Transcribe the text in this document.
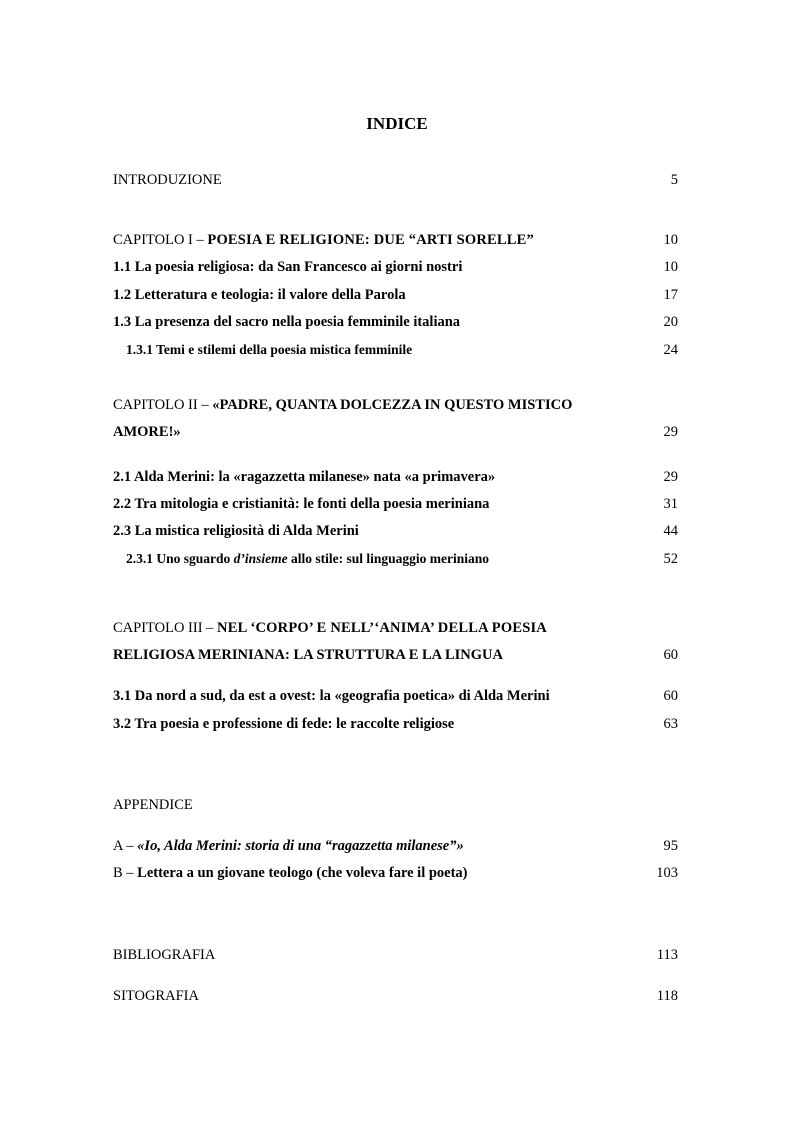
INDICE
INTRODUZIONE	5
CAPITOLO I – POESIA E RELIGIONE: DUE “ARTI SORELLE”	10
1.1 La poesia religiosa: da San Francesco ai giorni nostri	10
1.2 Letteratura e teologia: il valore della Parola	17
1.3 La presenza del sacro nella poesia femminile italiana	20
1.3.1 Temi e stilemi della poesia mistica femminile	24
CAPITOLO II – «PADRE, QUANTA DOLCEZZA IN QUESTO MISTICO
AMORE!»	29
2.1 Alda Merini: la «ragazzetta milanese» nata «a primavera»	29
2.2 Tra mitologia e cristianità: le fonti della poesia meriniana	31
2.3 La mistica religiosità di Alda Merini	44
2.3.1 Uno sguardo d’insieme allo stile: sul linguaggio meriniano	52
CAPITOLO III – NEL ‘CORPO’ E NELL’‘ANIMA’ DELLA POESIA
RELIGIOSA MERINIANA: LA STRUTTURA E LA LINGUA	60
3.1 Da nord a sud, da est a ovest: la «geografia poetica» di Alda Merini	60
3.2 Tra poesia e professione di fede: le raccolte religiose	63
APPENDICE
A – «Io, Alda Merini: storia di una “ragazzetta milanese”»	95
B – Lettera a un giovane teologo (che voleva fare il poeta)	103
BIBLIOGRAFIA	113
SITOGRAFIA	118
